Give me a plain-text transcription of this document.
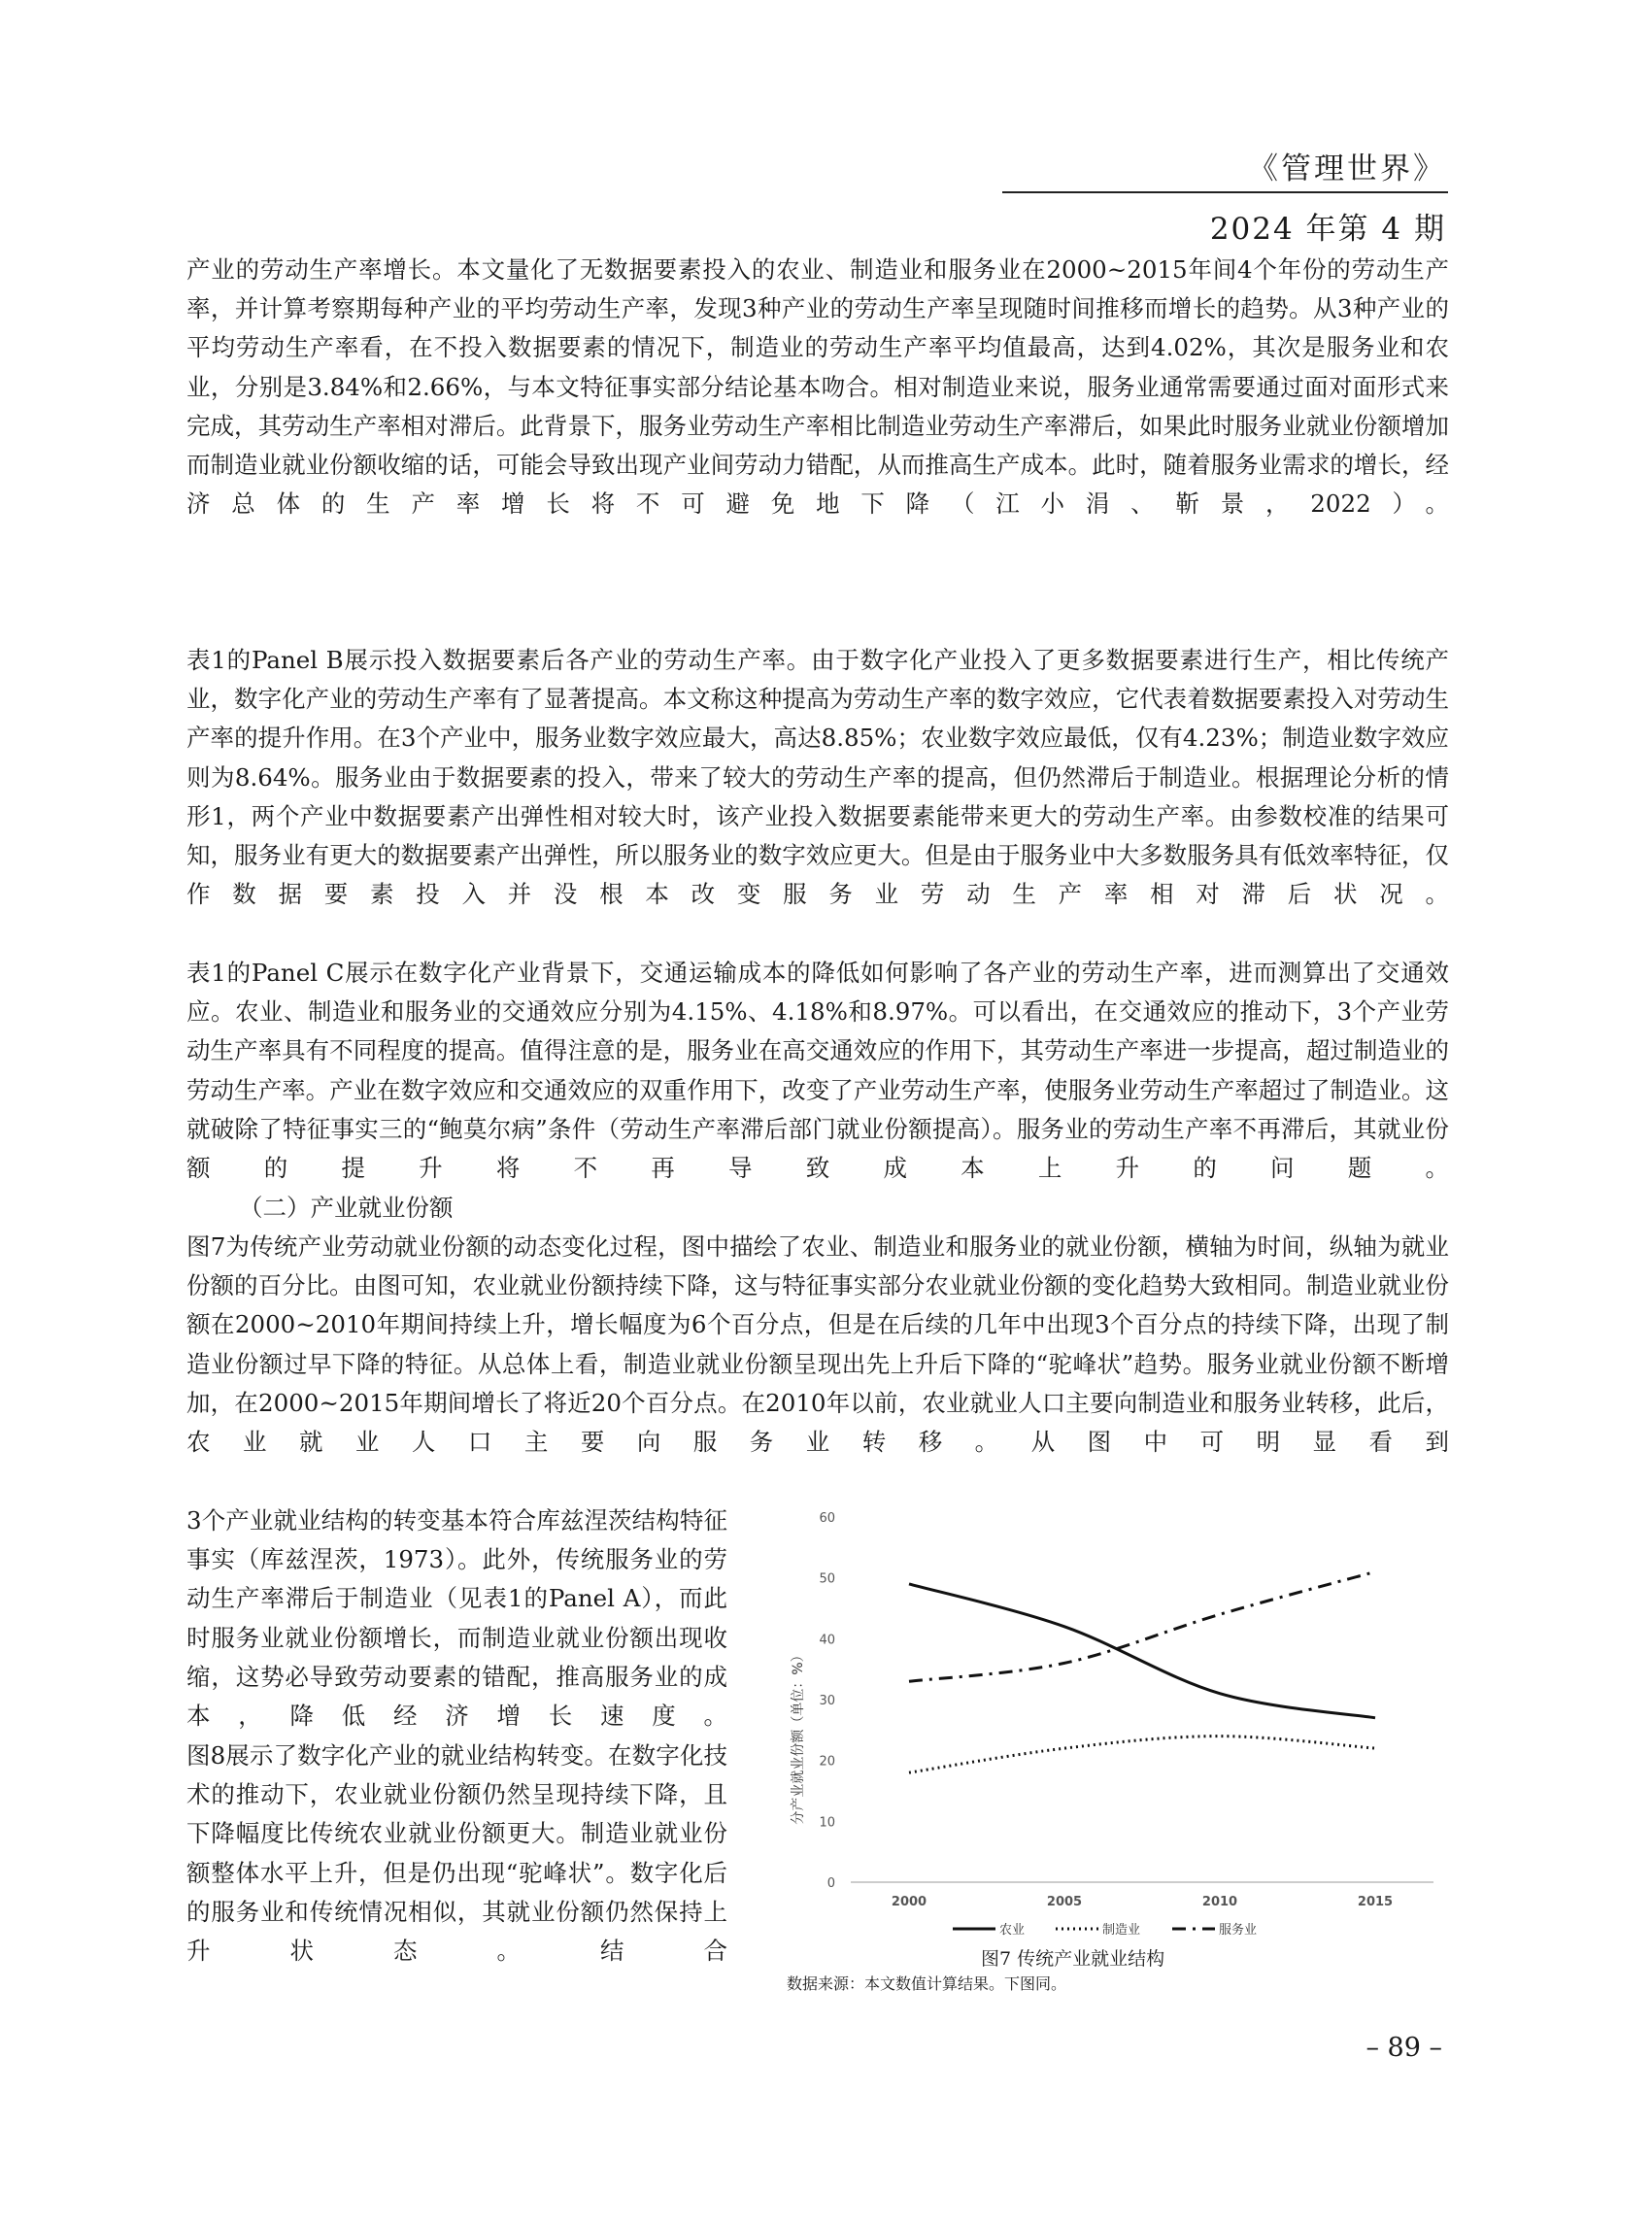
《管理世界》
2024 年第 4 期

产业的劳动生产率增长。本文量化了无数据要素投入的农业、制造业和服务业在2000~2015年间4个年份的劳动生产率，并计算考察期每种产业的平均劳动生产率，发现3种产业的劳动生产率呈现随时间推移而增长的趋势。从3种产业的平均劳动生产率看，在不投入数据要素的情况下，制造业的劳动生产率平均值最高，达到4.02%，其次是服务业和农业，分别是3.84%和2.66%，与本文特征事实部分结论基本吻合。相对制造业来说，服务业通常需要通过面对面形式来完成，其劳动生产率相对滞后。此背景下，服务业劳动生产率相比制造业劳动生产率滞后，如果此时服务业就业份额增加而制造业就业份额收缩的话，可能会导致出现产业间劳动力错配，从而推高生产成本。此时，随着服务业需求的增长，经济总体的生产率增长将不可避免地下降（江小涓、靳景，2022）。

表1的Panel B展示投入数据要素后各产业的劳动生产率。由于数字化产业投入了更多数据要素进行生产，相比传统产业，数字化产业的劳动生产率有了显著提高。本文称这种提高为劳动生产率的数字效应，它代表着数据要素投入对劳动生产率的提升作用。在3个产业中，服务业数字效应最大，高达8.85%；农业数字效应最低，仅有4.23%；制造业数字效应则为8.64%。服务业由于数据要素的投入，带来了较大的劳动生产率的提高，但仍然滞后于制造业。根据理论分析的情形1，两个产业中数据要素产出弹性相对较大时，该产业投入数据要素能带来更大的劳动生产率。由参数校准的结果可知，服务业有更大的数据要素产出弹性，所以服务业的数字效应更大。但是由于服务业中大多数服务具有低效率特征，仅作数据要素投入并没根本改变服务业劳动生产率相对滞后状况。

表1的Panel C展示在数字化产业背景下，交通运输成本的降低如何影响了各产业的劳动生产率，进而测算出了交通效应。农业、制造业和服务业的交通效应分别为4.15%、4.18%和8.97%。可以看出，在交通效应的推动下，3个产业劳动生产率具有不同程度的提高。值得注意的是，服务业在高交通效应的作用下，其劳动生产率进一步提高，超过制造业的劳动生产率。产业在数字效应和交通效应的双重作用下，改变了产业劳动生产率，使服务业劳动生产率超过了制造业。这就破除了特征事实三的“鲍莫尔病”条件（劳动生产率滞后部门就业份额提高）。服务业的劳动生产率不再滞后，其就业份额的提升将不再导致成本上升的问题。

（二）产业就业份额

图7为传统产业劳动就业份额的动态变化过程，图中描绘了农业、制造业和服务业的就业份额，横轴为时间，纵轴为就业份额的百分比。由图可知，农业就业份额持续下降，这与特征事实部分农业就业份额的变化趋势大致相同。制造业就业份额在2000~2010年期间持续上升，增长幅度为6个百分点，但是在后续的几年中出现3个百分点的持续下降，出现了制造业份额过早下降的特征。从总体上看，制造业就业份额呈现出先上升后下降的“驼峰状”趋势。服务业就业份额不断增加，在2000~2015年期间增长了将近20个百分点。在2010年以前，农业就业人口主要向制造业和服务业转移，此后，农业就业人口主要向服务业转移。从图中可明显看到

3个产业就业结构的转变基本符合库兹涅茨结构特征事实（库兹涅茨，1973）。此外，传统服务业的劳动生产率滞后于制造业（见表1的Panel A），而此时服务业就业份额增长，而制造业就业份额出现收缩，这势必导致劳动要素的错配，推高服务业的成本，降低经济增长速度。

图8展示了数字化产业的就业结构转变。在数字化技术的推动下，农业就业份额仍然呈现持续下降，且下降幅度比传统农业就业份额更大。制造业就业份额整体水平上升，但是仍出现“驼峰状”。数字化后的服务业和传统情况相似，其就业份额仍然保持上升状态。结合

0
10
20
30
40
50
60
2000	2005	2010	2015
农业	制造业	服务业
分产业就业份额（单位：%）
图7 传统产业就业结构
数据来源：本文数值计算结果。下图同。
– 89 –
